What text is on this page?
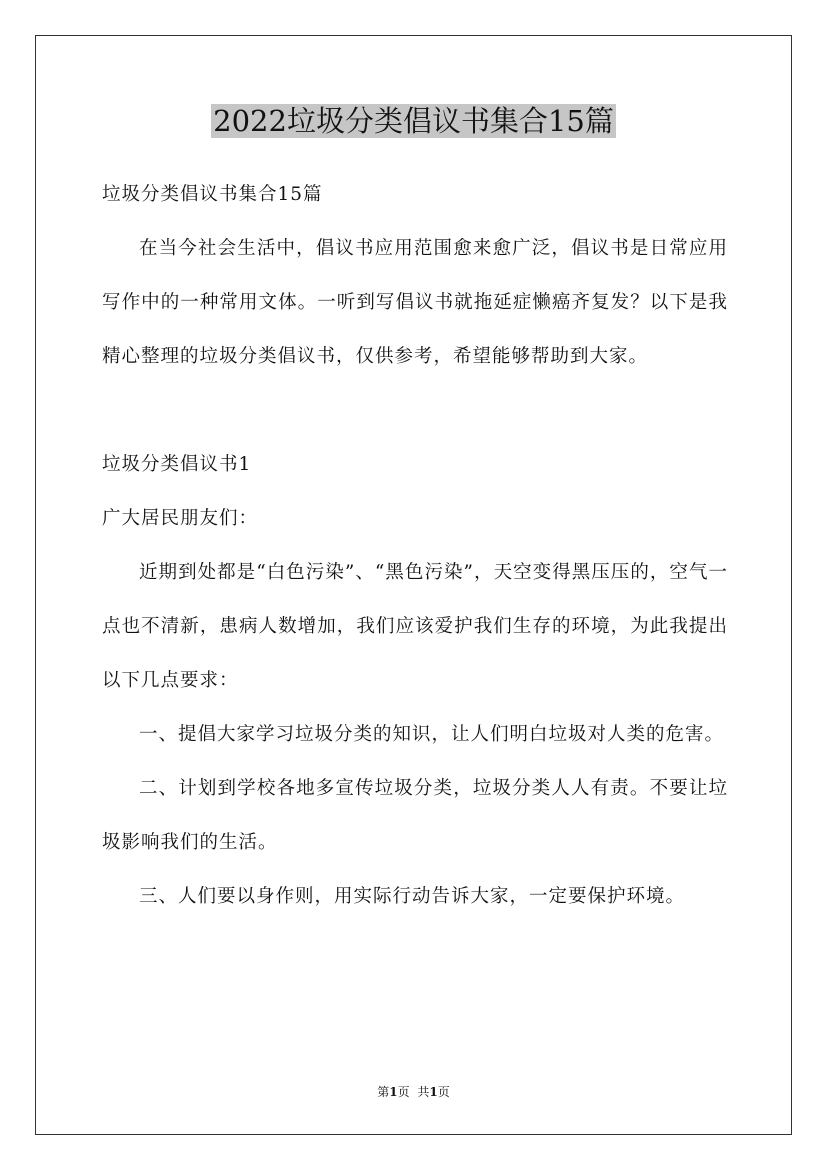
2022垃圾分类倡议书集合15篇

垃圾分类倡议书集合15篇

在当今社会生活中，倡议书应用范围愈来愈广泛，倡议书是日常应用写作中的一种常用文体。一听到写倡议书就拖延症懒癌齐复发？以下是我精心整理的垃圾分类倡议书，仅供参考，希望能够帮助到大家。

垃圾分类倡议书1

广大居民朋友们：

近期到处都是“白色污染”、“黑色污染”，天空变得黑压压的，空气一点也不清新，患病人数增加，我们应该爱护我们生存的环境，为此我提出以下几点要求：

一、提倡大家学习垃圾分类的知识，让人们明白垃圾对人类的危害。

二、计划到学校各地多宣传垃圾分类，垃圾分类人人有责。不要让垃圾影响我们的生活。

三、人们要以身作则，用实际行动告诉大家，一定要保护环境。

第1页 共1页
